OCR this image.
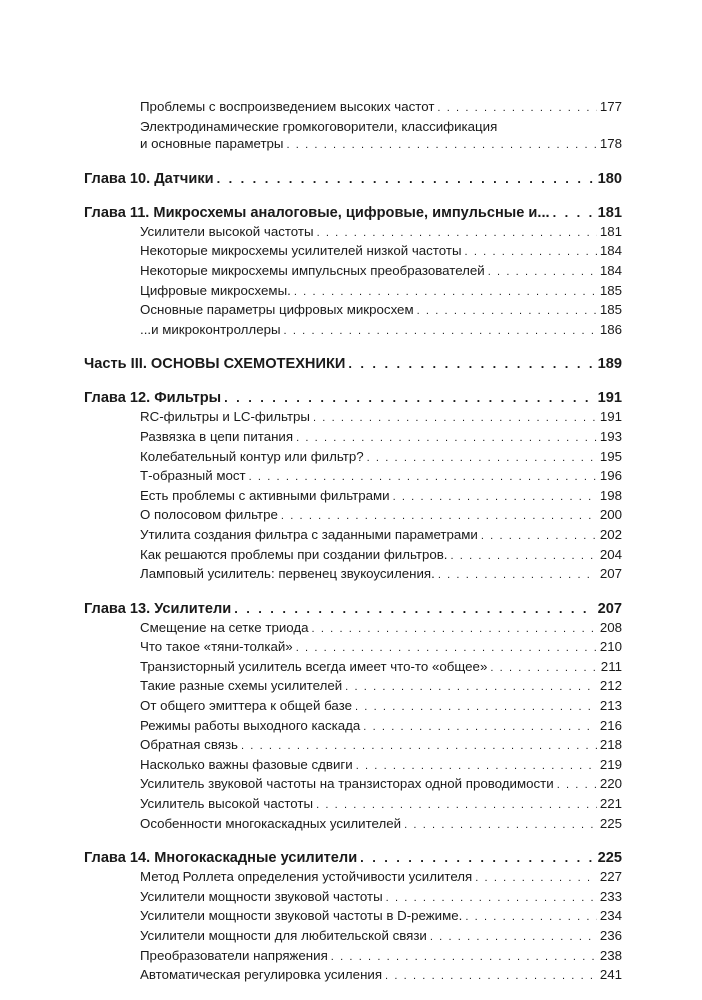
Проблемы с воспроизведением высоких частот . . .	177
Электродинамические громкоговорители, классификация
и основные параметры . . .	178
Глава 10. Датчики . . .	180
Глава 11. Микросхемы аналоговые, цифровые, импульсные и... . . .	181
Усилители высокой частоты . . .	181
Некоторые микросхемы усилителей низкой частоты . . .	184
Некоторые микросхемы импульсных преобразователей . . .	184
Цифровые микросхемы. . . .	185
Основные параметры цифровых микросхем . . .	185
...и микроконтроллеры . . .	186
Часть III. ОСНОВЫ СХЕМОТЕХНИКИ . . .	189
Глава 12. Фильтры . . .	191
RC-фильтры и LC-фильтры . . .	191
Развязка в цепи питания . . .	193
Колебательный контур или фильтр? . . .	195
Т-образный мост . . .	196
Есть проблемы с активными фильтрами . . .	198
О полосовом фильтре . . .	200
Утилита создания фильтра с заданными параметрами . . .	202
Как решаются проблемы при создании фильтров. . . .	204
Ламповый усилитель: первенец звукоусиления. . . .	207
Глава 13. Усилители . . .	207
Смещение на сетке триода . . .	208
Что такое «тяни-толкай» . . .	210
Транзисторный усилитель всегда имеет что-то «общее» . . .	211
Такие разные схемы усилителей . . .	212
От общего эмиттера к общей базе . . .	213
Режимы работы выходного каскада . . .	216
Обратная связь . . .	218
Насколько важны фазовые сдвиги . . .	219
Усилитель звуковой частоты на транзисторах одной проводимости . . .	220
Усилитель высокой частоты . . .	221
Особенности многокаскадных усилителей . . .	225
Глава 14. Многокаскадные усилители . . .	225
Метод Роллета определения устойчивости усилителя . . .	227
Усилители мощности звуковой частоты . . .	233
Усилители мощности звуковой частоты в D-режиме. . . .	234
Усилители мощности для любительской связи . . .	236
Преобразователи напряжения . . .	238
Автоматическая регулировка усиления . . .	241
